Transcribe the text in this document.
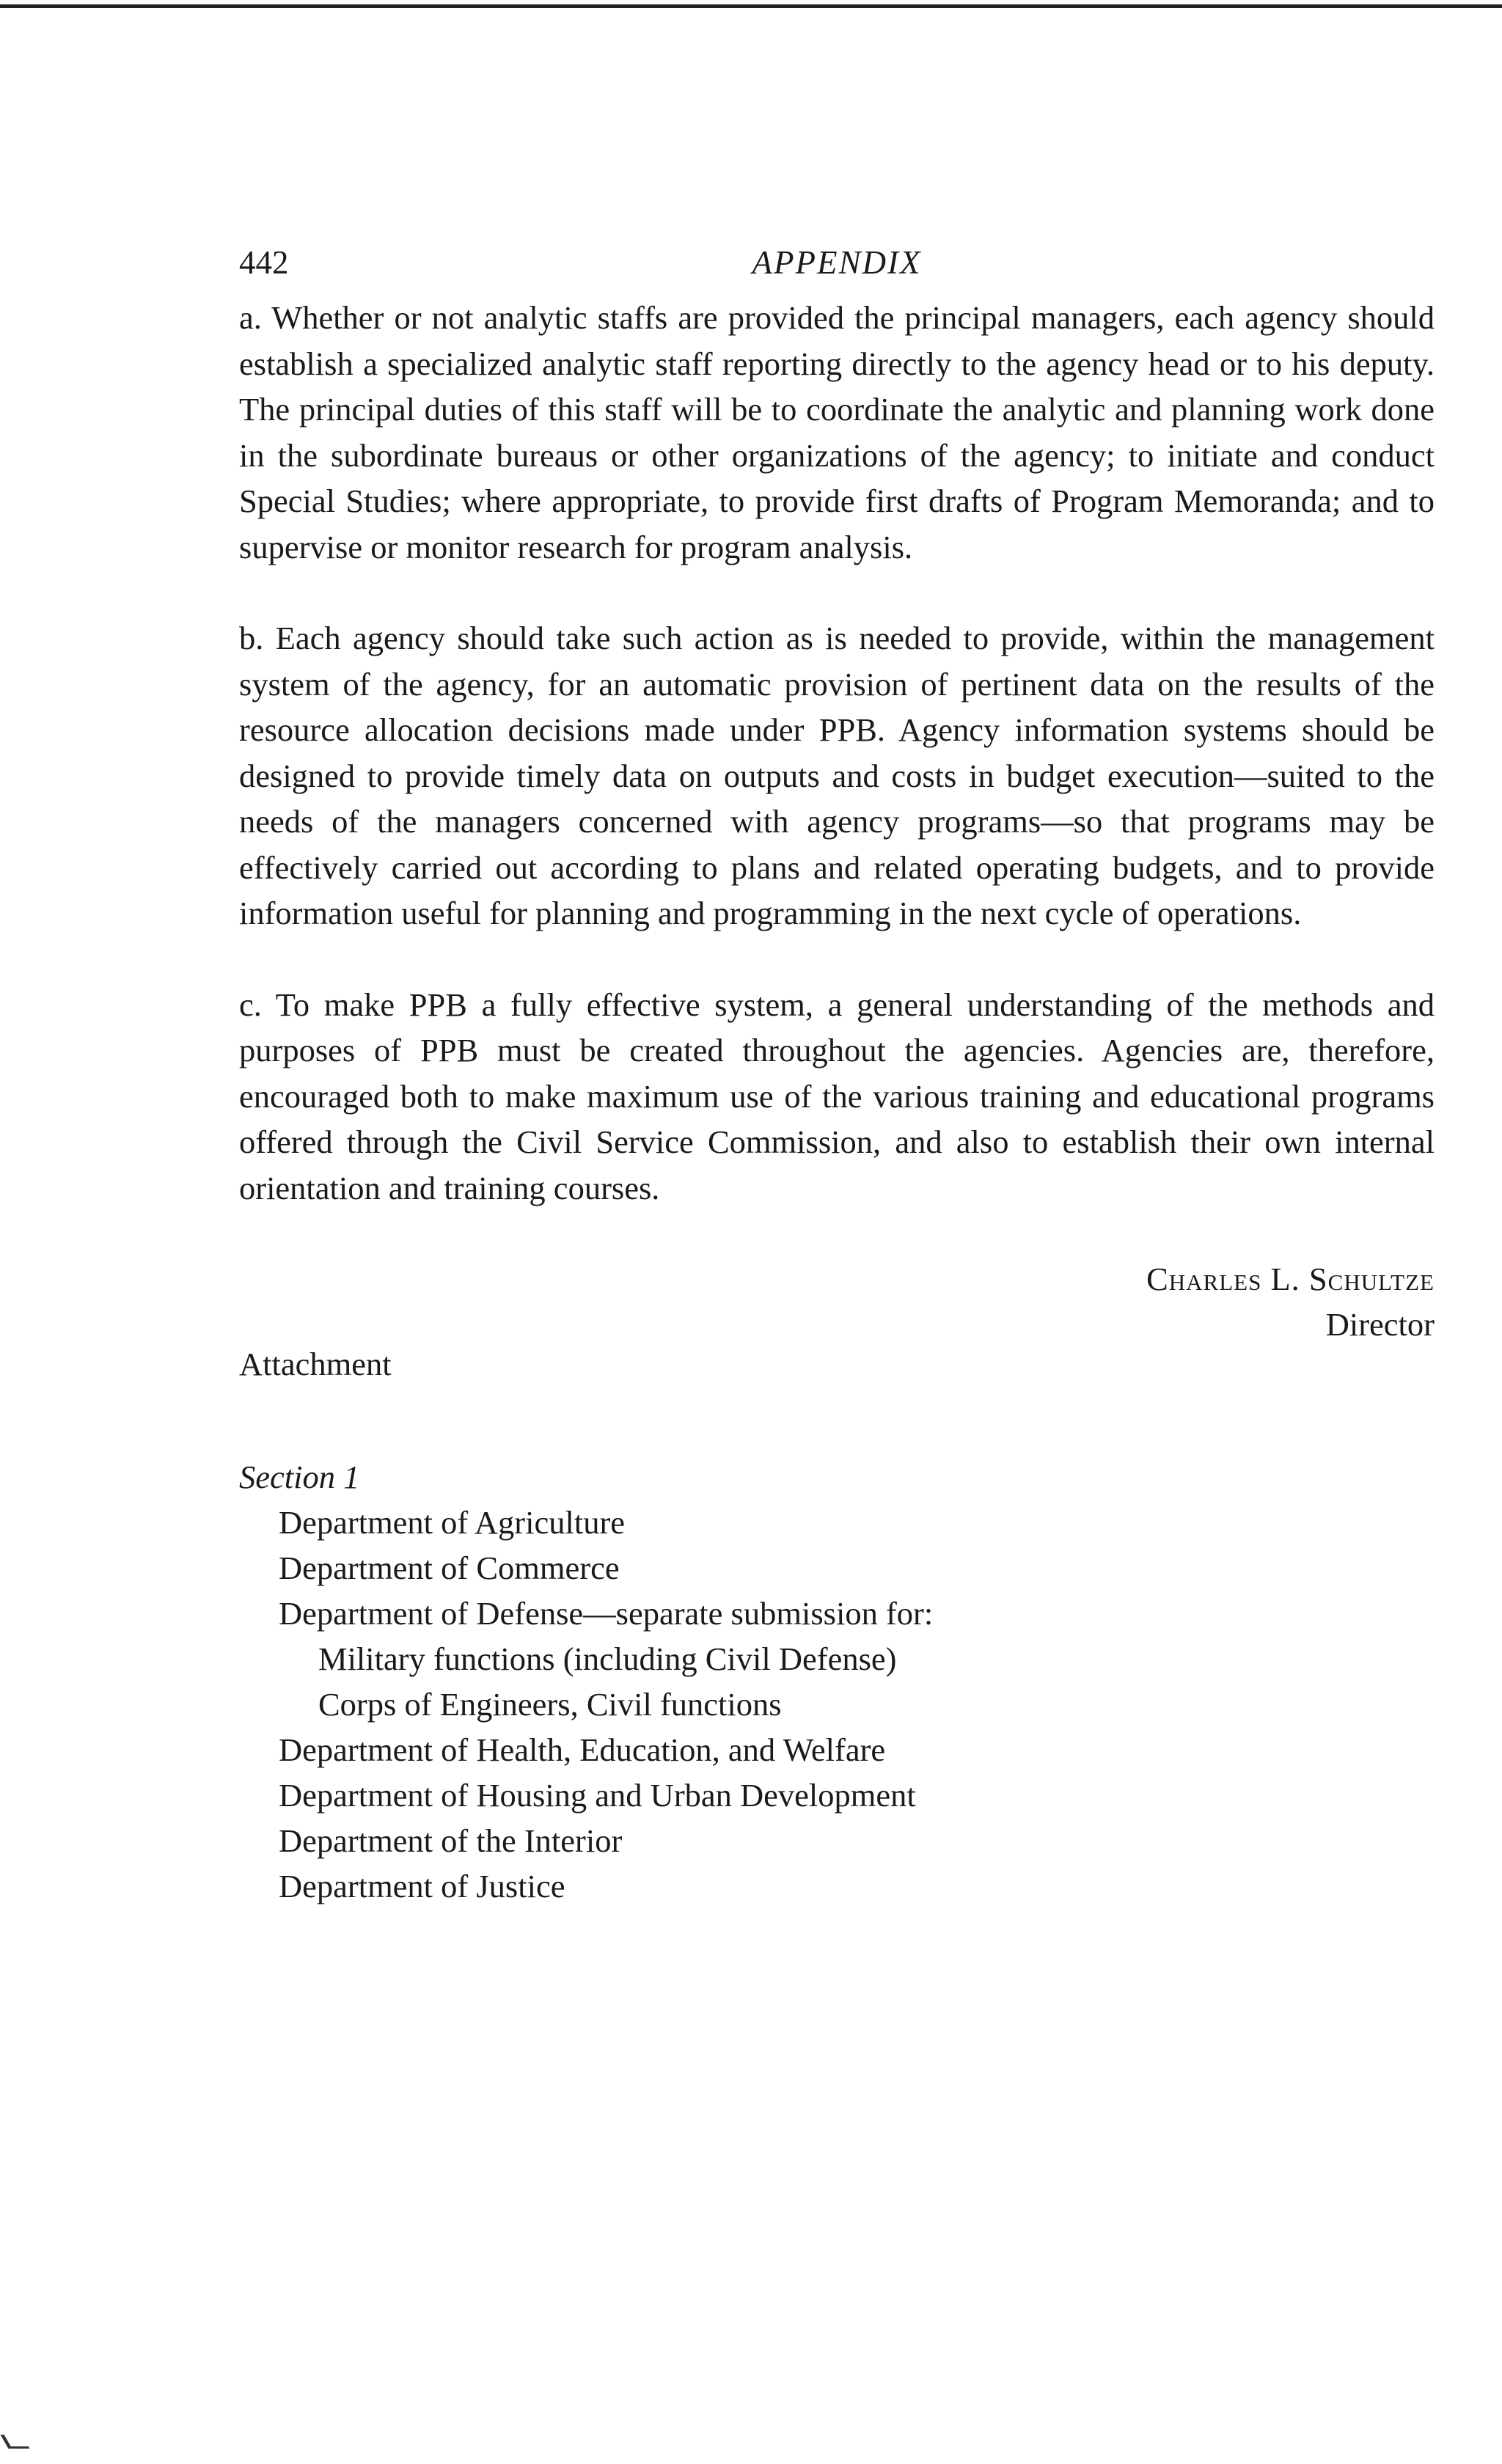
442	APPENDIX

a. Whether or not analytic staffs are provided the principal managers, each agency should establish a specialized analytic staff reporting directly to the agency head or to his deputy. The principal duties of this staff will be to coordinate the analytic and planning work done in the subordinate bureaus or other organizations of the agency; to initiate and conduct Special Studies; where appropriate, to provide first drafts of Program Memoranda; and to supervise or monitor research for program analysis.

b. Each agency should take such action as is needed to provide, within the management system of the agency, for an automatic provision of pertinent data on the results of the resource allocation decisions made under PPB. Agency information systems should be designed to provide timely data on outputs and costs in budget execution—suited to the needs of the managers concerned with agency programs—so that programs may be effectively carried out according to plans and related operating budgets, and to provide information useful for planning and programming in the next cycle of operations.

c. To make PPB a fully effective system, a general understanding of the methods and purposes of PPB must be created throughout the agencies. Agencies are, therefore, encouraged both to make maximum use of the various training and educational programs offered through the Civil Service Commission, and also to establish their own internal orientation and training courses.

Charles L. Schultze
Director
Attachment
Section 1
Department of Agriculture
Department of Commerce
Department of Defense—separate submission for:
Military functions (including Civil Defense)
Corps of Engineers, Civil functions
Department of Health, Education, and Welfare
Department of Housing and Urban Development
Department of the Interior
Department of Justice
